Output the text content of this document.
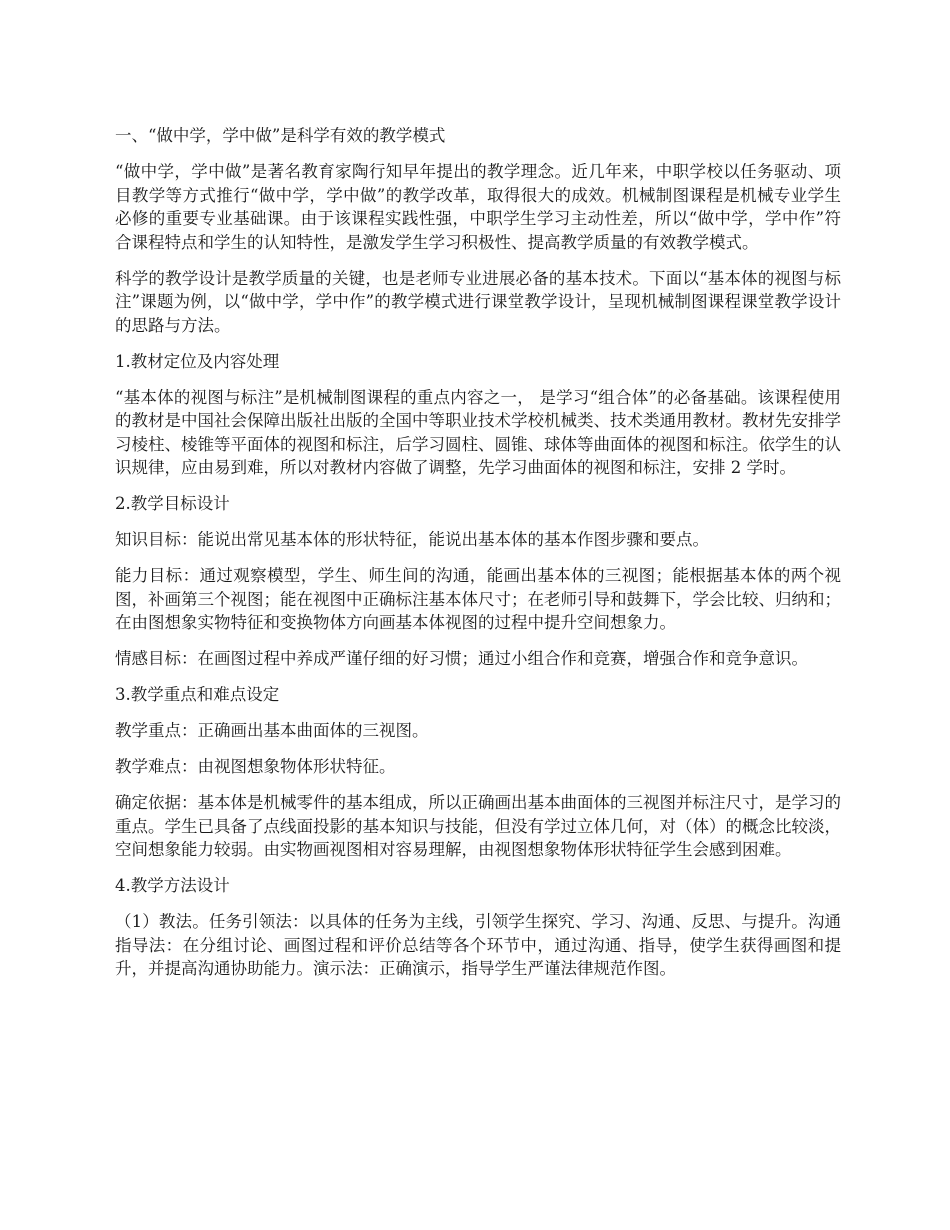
一、“做中学，学中做”是科学有效的教学模式

“做中学，学中做”是著名教育家陶行知早年提出的教学理念。近几年来，中职学校以任务驱动、项目教学等方式推行“做中学，学中做”的教学改革，取得很大的成效。机械制图课程是机械专业学生必修的重要专业基础课。由于该课程实践性强，中职学生学习主动性差，所以“做中学，学中作”符合课程特点和学生的认知特性，是激发学生学习积极性、提高教学质量的有效教学模式。

科学的教学设计是教学质量的关键，也是老师专业进展必备的基本技术。下面以“基本体的视图与标注”课题为例，以“做中学，学中作”的教学模式进行课堂教学设计，呈现机械制图课程课堂教学设计的思路与方法。

1.教材定位及内容处理

“基本体的视图与标注”是机械制图课程的重点内容之一， 是学习“组合体”的必备基础。该课程使用的教材是中国社会保障出版社出版的全国中等职业技术学校机械类、技术类通用教材。教材先安排学习棱柱、棱锥等平面体的视图和标注，后学习圆柱、圆锥、球体等曲面体的视图和标注。依学生的认识规律，应由易到难，所以对教材内容做了调整，先学习曲面体的视图和标注，安排 2 学时。

2.教学目标设计

知识目标：能说出常见基本体的形状特征，能说出基本体的基本作图步骤和要点。

能力目标：通过观察模型，学生、师生间的沟通，能画出基本体的三视图；能根据基本体的两个视图，补画第三个视图；能在视图中正确标注基本体尺寸；在老师引导和鼓舞下，学会比较、归纳和；在由图想象实物特征和变换物体方向画基本体视图的过程中提升空间想象力。

情感目标：在画图过程中养成严谨仔细的好习惯；通过小组合作和竞赛，增强合作和竞争意识。

3.教学重点和难点设定

教学重点：正确画出基本曲面体的三视图。

教学难点：由视图想象物体形状特征。

确定依据：基本体是机械零件的基本组成，所以正确画出基本曲面体的三视图并标注尺寸，是学习的重点。学生已具备了点线面投影的基本知识与技能，但没有学过立体几何，对（体）的概念比较淡，空间想象能力较弱。由实物画视图相对容易理解，由视图想象物体形状特征学生会感到困难。

4.教学方法设计

（1）教法。任务引领法：以具体的任务为主线，引领学生探究、学习、沟通、反思、与提升。沟通指导法：在分组讨论、画图过程和评价总结等各个环节中，通过沟通、指导，使学生获得画图和提升，并提高沟通协助能力。演示法：正确演示，指导学生严谨法律规范作图。
